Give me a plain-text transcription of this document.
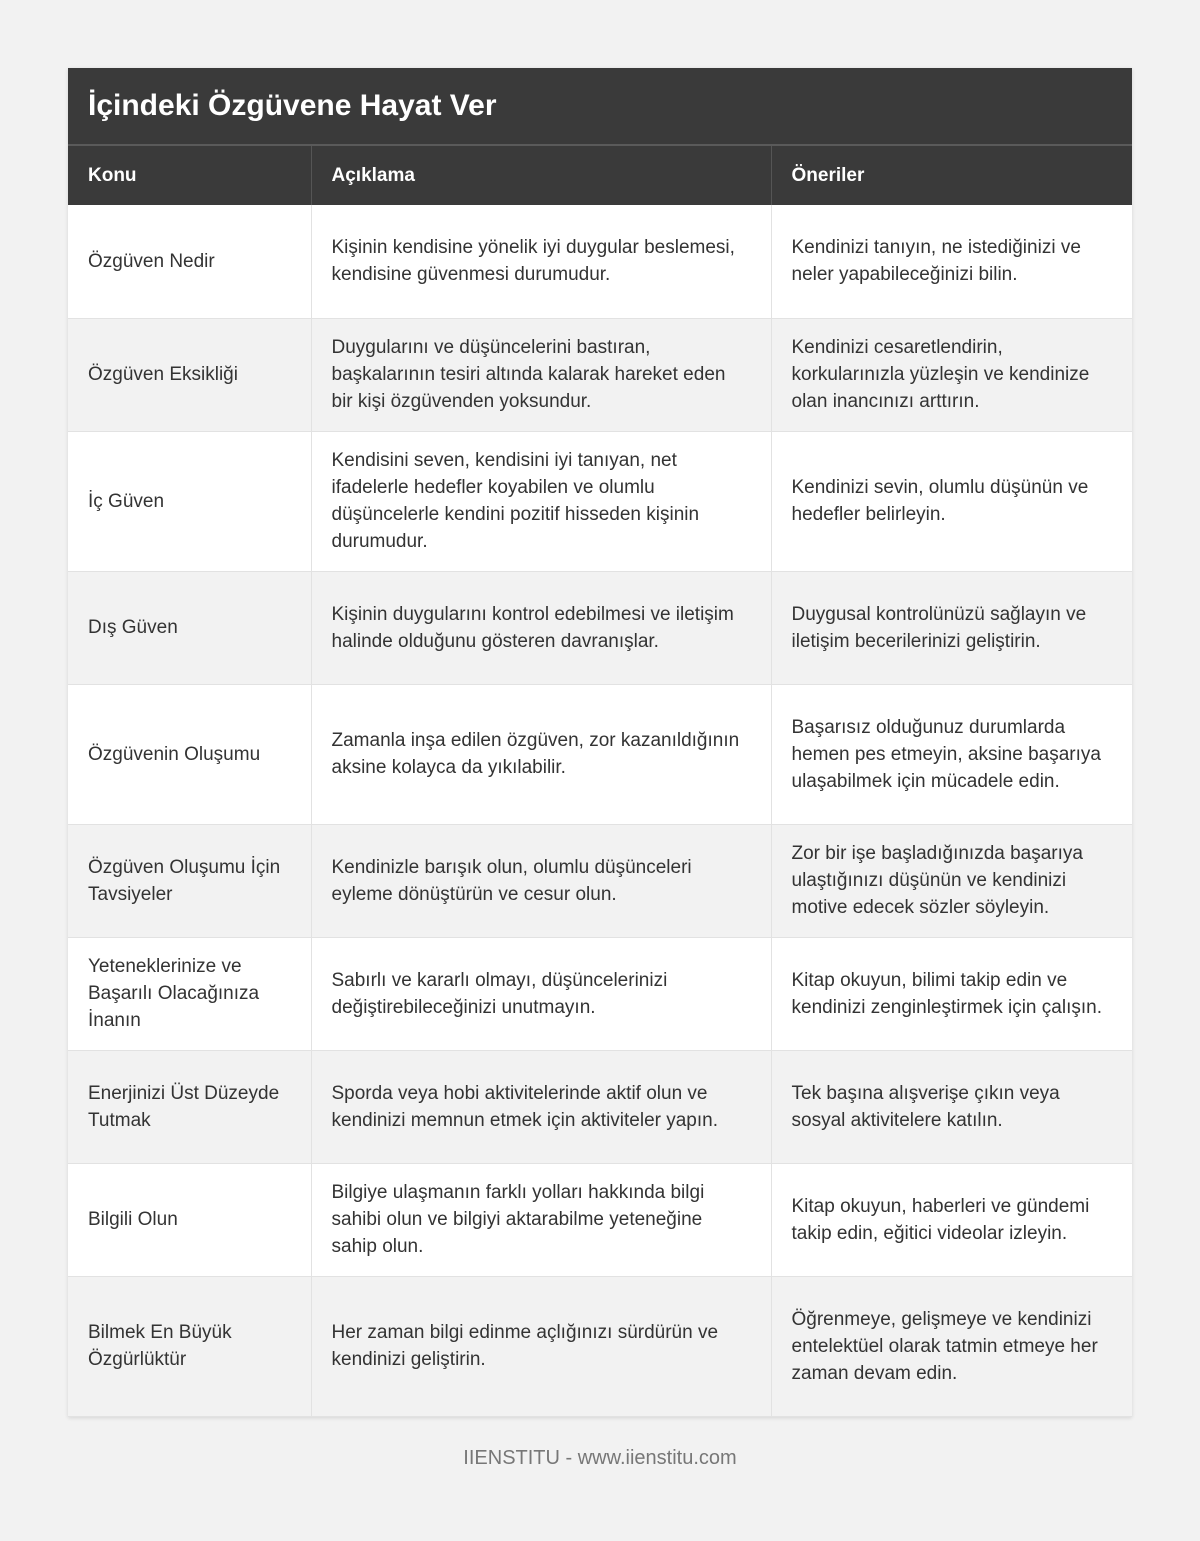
İçindeki Özgüvene Hayat Ver
Konu	Açıklama	Öneriler
Özgüven Nedir	Kişinin kendisine yönelik iyi duygular beslemesi, kendisine güvenmesi durumudur.	Kendinizi tanıyın, ne istediğinizi ve neler yapabileceğinizi bilin.
Özgüven Eksikliği	Duygularını ve düşüncelerini bastıran, başkalarının tesiri altında kalarak hareket eden bir kişi özgüvenden yoksundur.	Kendinizi cesaretlendirin, korkularınızla yüzleşin ve kendinize olan inancınızı arttırın.
İç Güven	Kendisini seven, kendisini iyi tanıyan, net ifadelerle hedefler koyabilen ve olumlu düşüncelerle kendini pozitif hisseden kişinin durumudur.	Kendinizi sevin, olumlu düşünün ve hedefler belirleyin.
Dış Güven	Kişinin duygularını kontrol edebilmesi ve iletişim halinde olduğunu gösteren davranışlar.	Duygusal kontrolünüzü sağlayın ve iletişim becerilerinizi geliştirin.
Özgüvenin Oluşumu	Zamanla inşa edilen özgüven, zor kazanıldığının aksine kolayca da yıkılabilir.	Başarısız olduğunuz durumlarda hemen pes etmeyin, aksine başarıya ulaşabilmek için mücadele edin.
Özgüven Oluşumu İçin Tavsiyeler	Kendinizle barışık olun, olumlu düşünceleri eyleme dönüştürün ve cesur olun.	Zor bir işe başladığınızda başarıya ulaştığınızı düşünün ve kendinizi motive edecek sözler söyleyin.
Yeteneklerinize ve Başarılı Olacağınıza İnanın	Sabırlı ve kararlı olmayı, düşüncelerinizi değiştirebileceğinizi unutmayın.	Kitap okuyun, bilimi takip edin ve kendinizi zenginleştirmek için çalışın.
Enerjinizi Üst Düzeyde Tutmak	Sporda veya hobi aktivitelerinde aktif olun ve kendinizi memnun etmek için aktiviteler yapın.	Tek başına alışverişe çıkın veya sosyal aktivitelere katılın.
Bilgili Olun	Bilgiye ulaşmanın farklı yolları hakkında bilgi sahibi olun ve bilgiyi aktarabilme yeteneğine sahip olun.	Kitap okuyun, haberleri ve gündemi takip edin, eğitici videolar izleyin.
Bilmek En Büyük Özgürlüktür	Her zaman bilgi edinme açlığınızı sürdürün ve kendinizi geliştirin.	Öğrenmeye, gelişmeye ve kendinizi entelektüel olarak tatmin etmeye her zaman devam edin.
IIENSTITU - www.iienstitu.com
